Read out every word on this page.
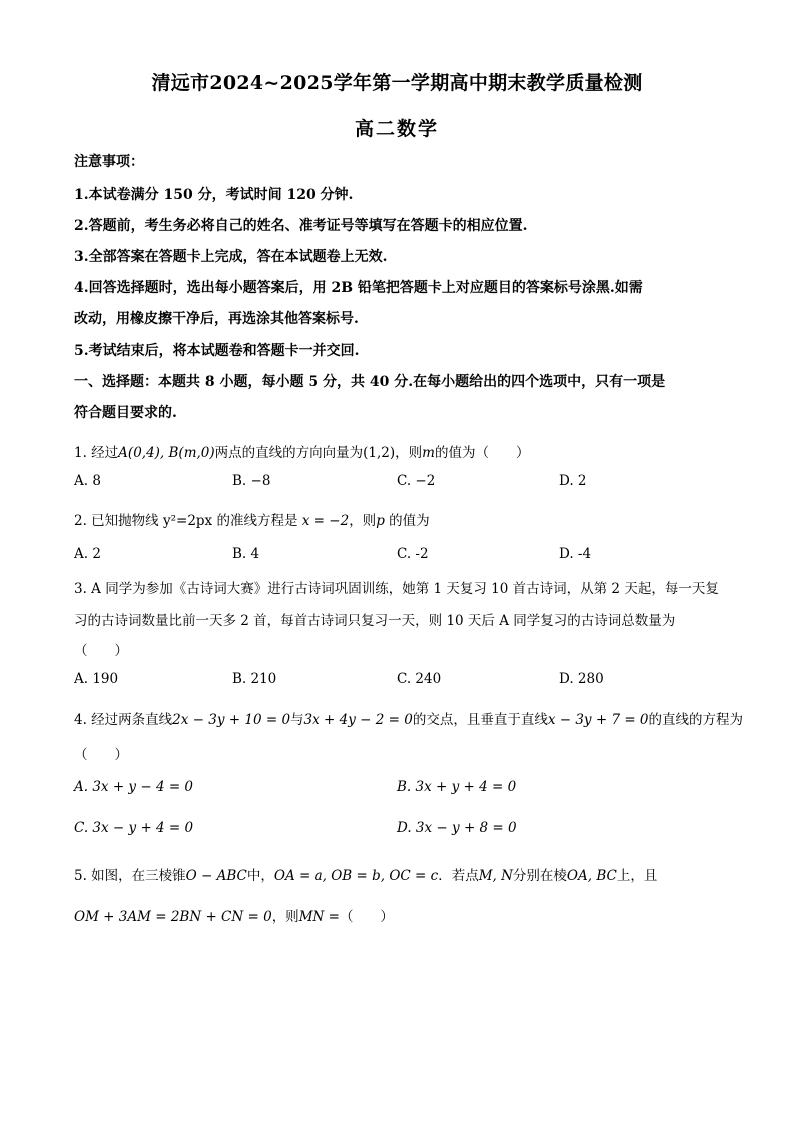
清远市2024~2025学年第一学期高中期末教学质量检测
高二数学
注意事项：
1.本试卷满分 150 分，考试时间 120 分钟.
2.答题前，考生务必将自己的姓名、准考证号等填写在答题卡的相应位置.
3.全部答案在答题卡上完成，答在本试题卷上无效.
4.回答选择题时，选出每小题答案后，用 2B 铅笔把答题卡上对应题目的答案标号涂黑.如需
改动，用橡皮擦干净后，再选涂其他答案标号.
5.考试结束后，将本试题卷和答题卡一并交回.
一、选择题：本题共 8 小题，每小题 5 分，共 40 分.在每小题给出的四个选项中，只有一项是
符合题目要求的.
1. 经过A(0,4), B(m,0)两点的直线的方向向量为(1,2)，则m的值为（　　）
A. 8	B. −8	C. −2	D. 2
2. 已知抛物线 y²=2px 的准线方程是 x = −2，则p 的值为
A. 2	B. 4	C. -2	D. -4
3. A 同学为参加《古诗词大赛》进行古诗词巩固训练，她第 1 天复习 10 首古诗词，从第 2 天起，每一天复
习的古诗词数量比前一天多 2 首，每首古诗词只复习一天，则 10 天后 A 同学复习的古诗词总数量为
（　　）
A. 190	B. 210	C. 240	D. 280
4. 经过两条直线2x − 3y + 10 = 0与3x + 4y − 2 = 0的交点，且垂直于直线x − 3y + 7 = 0的直线的方程为
（　　）
A. 3x + y − 4 = 0	B. 3x + y + 4 = 0
C. 3x − y + 4 = 0	D. 3x − y + 8 = 0
5. 如图，在三棱锥O − ABC中，OA = a, OB = b, OC = c．若点M, N分别在棱OA, BC上，且
OM + 3AM = 2BN + CN = 0，则MN =（　　）
